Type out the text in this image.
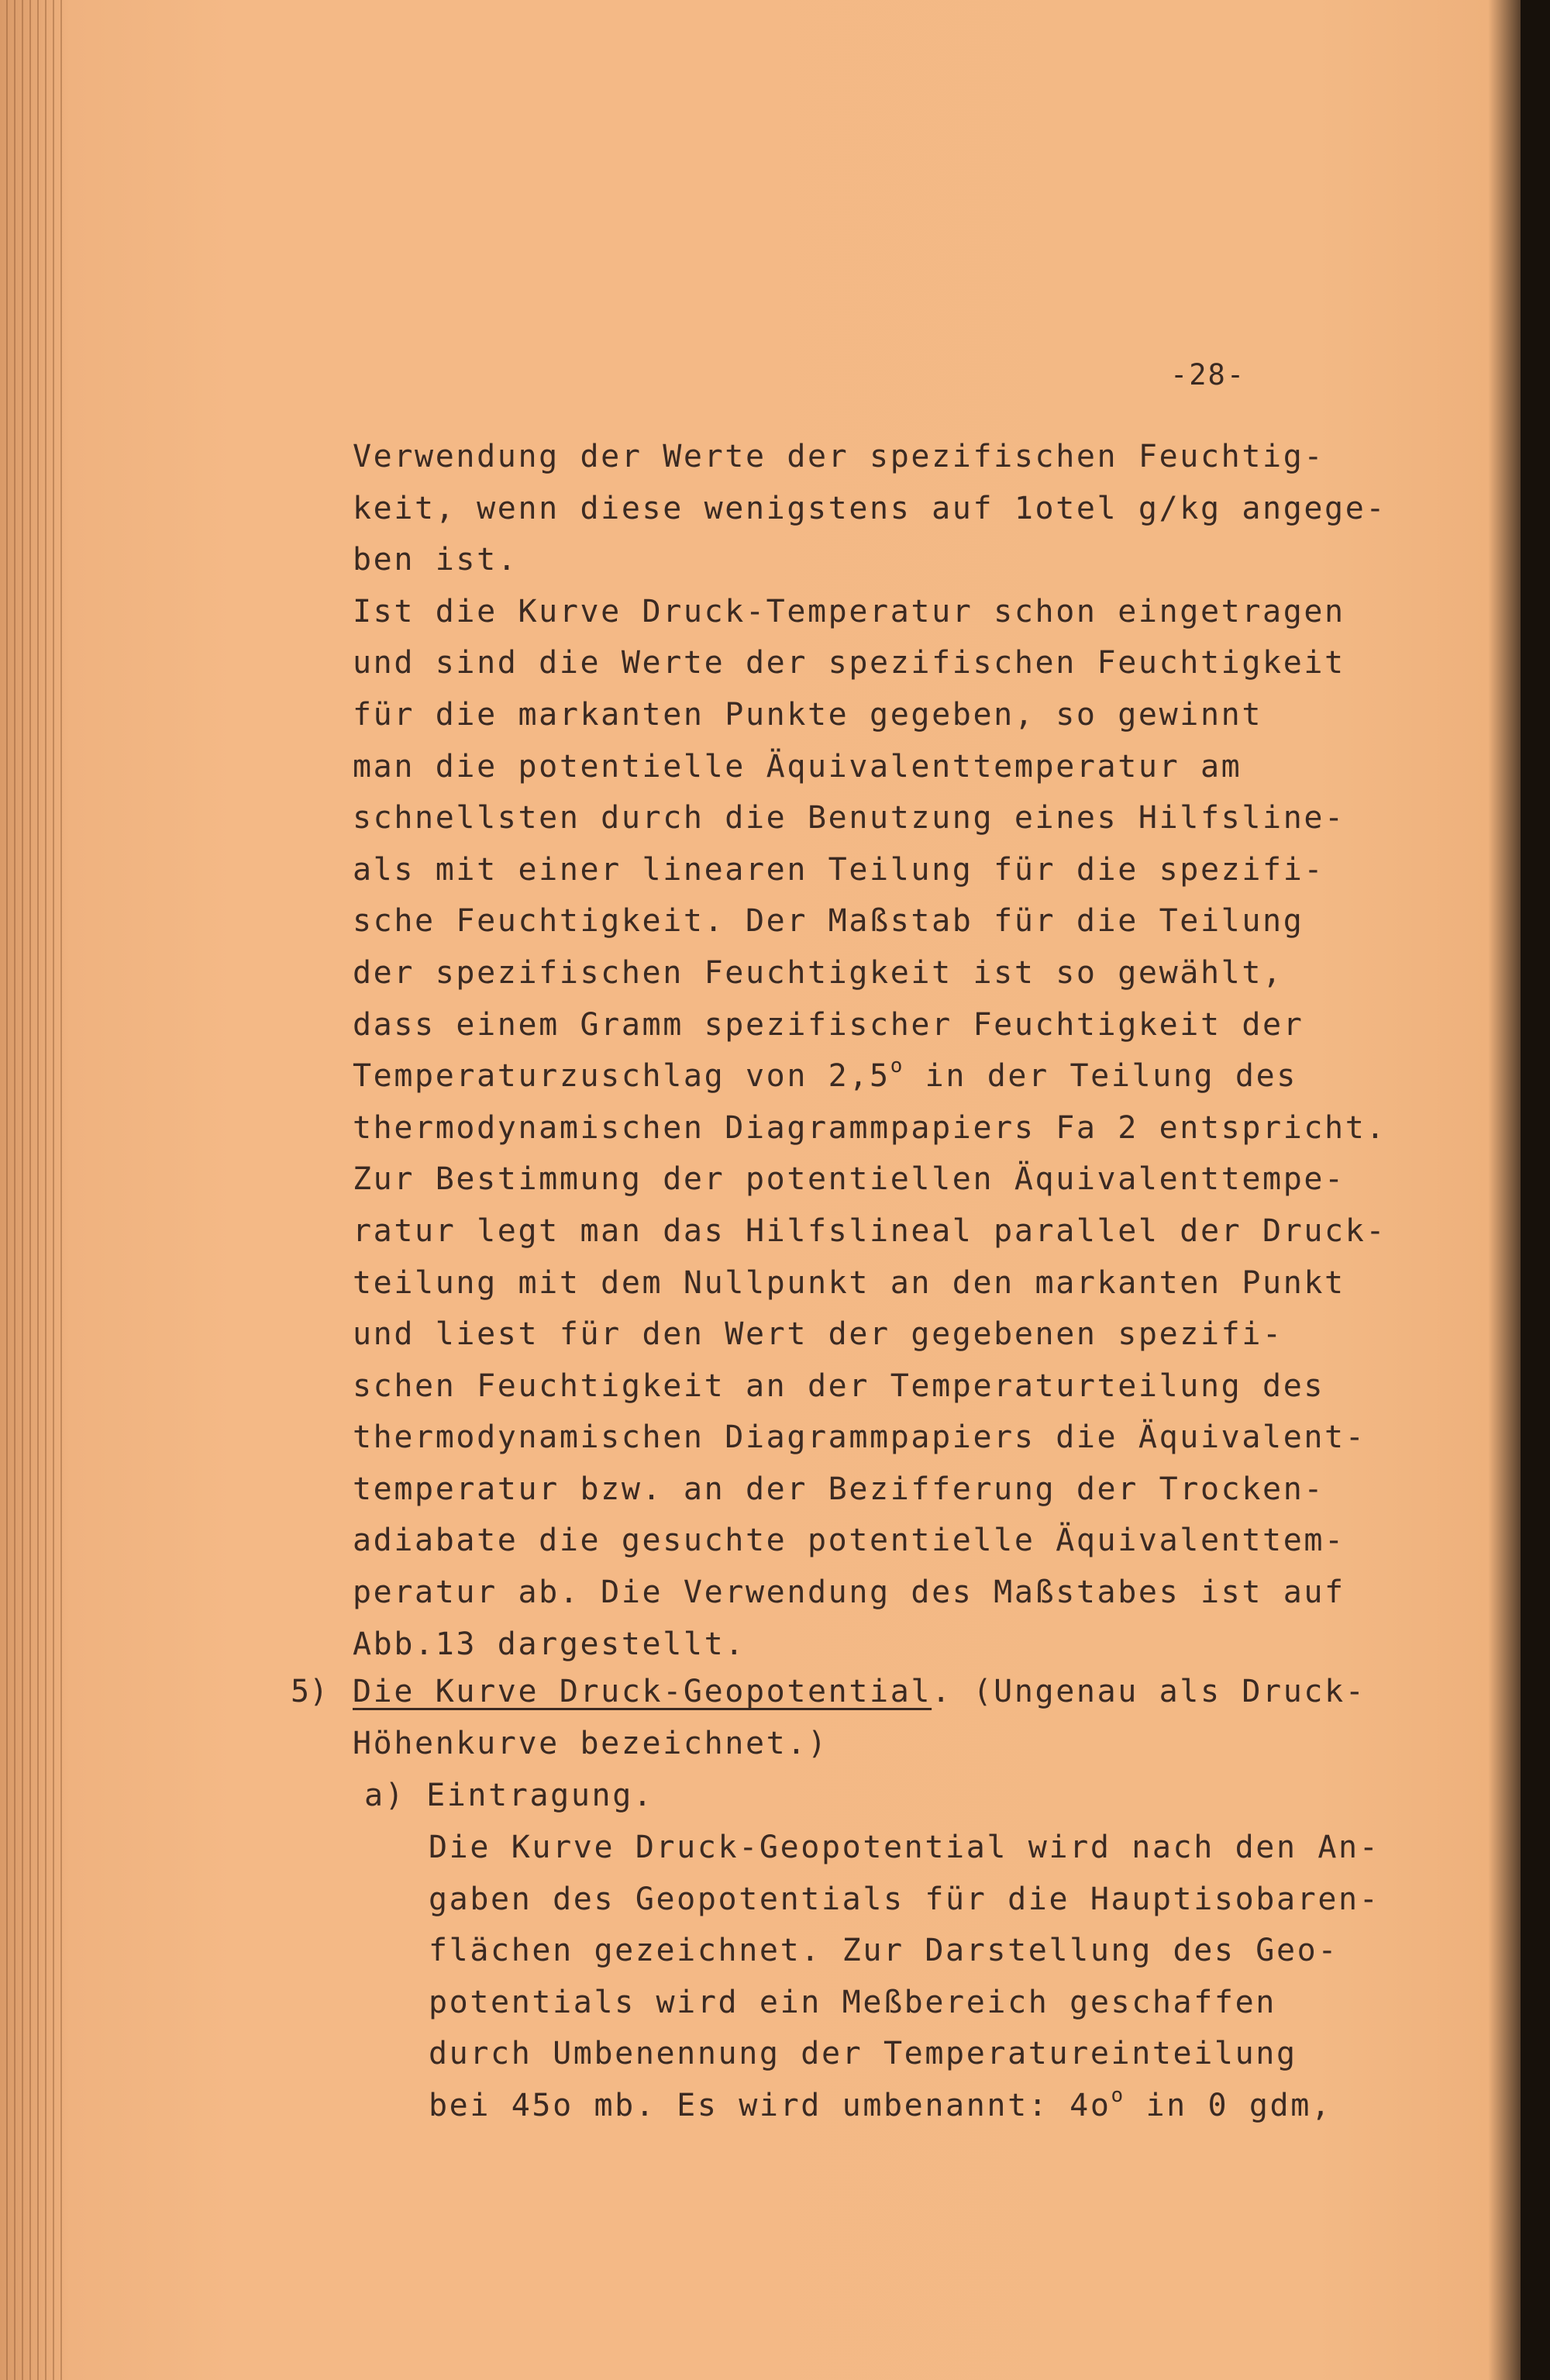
-28-
Verwendung der Werte der spezifischen Feuchtig-
keit, wenn diese wenigstens auf 1otel g/kg angege-
ben ist.
Ist die Kurve Druck-Temperatur schon eingetragen
und sind die Werte der spezifischen Feuchtigkeit
für die markanten Punkte gegeben, so gewinnt
man die potentielle Äquivalenttemperatur am
schnellsten durch die Benutzung eines Hilfsline-
als mit einer linearen Teilung für die spezifi-
sche Feuchtigkeit. Der Maßstab für die Teilung
der spezifischen Feuchtigkeit ist so gewählt,
dass einem Gramm spezifischer Feuchtigkeit der
Temperaturzuschlag von 2,5$^o$ in der Teilung des
thermodynamischen Diagrammpapiers Fa 2 entspricht.
Zur Bestimmung der potentiellen Äquivalenttempe-
ratur legt man das Hilfslineal parallel der Druck-
teilung mit dem Nullpunkt an den markanten Punkt
und liest für den Wert der gegebenen spezifi-
schen Feuchtigkeit an der Temperaturteilung des
thermodynamischen Diagrammpapiers die Äquivalent-
temperatur bzw. an der Bezifferung der Trocken-
adiabate die gesuchte potentielle Äquivalenttem-
peratur ab. Die Verwendung des Maßstabes ist auf
Abb.13 dargestellt.
5) Die Kurve Druck-Geopotential. (Ungenau als Druck-
Höhenkurve bezeichnet.)
a) Eintragung.
Die Kurve Druck-Geopotential wird nach den An-
gaben des Geopotentials für die Hauptisobaren-
flächen gezeichnet. Zur Darstellung des Geo-
potentials wird ein Meßbereich geschaffen
durch Umbenennung der Temperatureinteilung
bei 45o mb. Es wird umbenannt: $4o^o$ in 0 gdm,
